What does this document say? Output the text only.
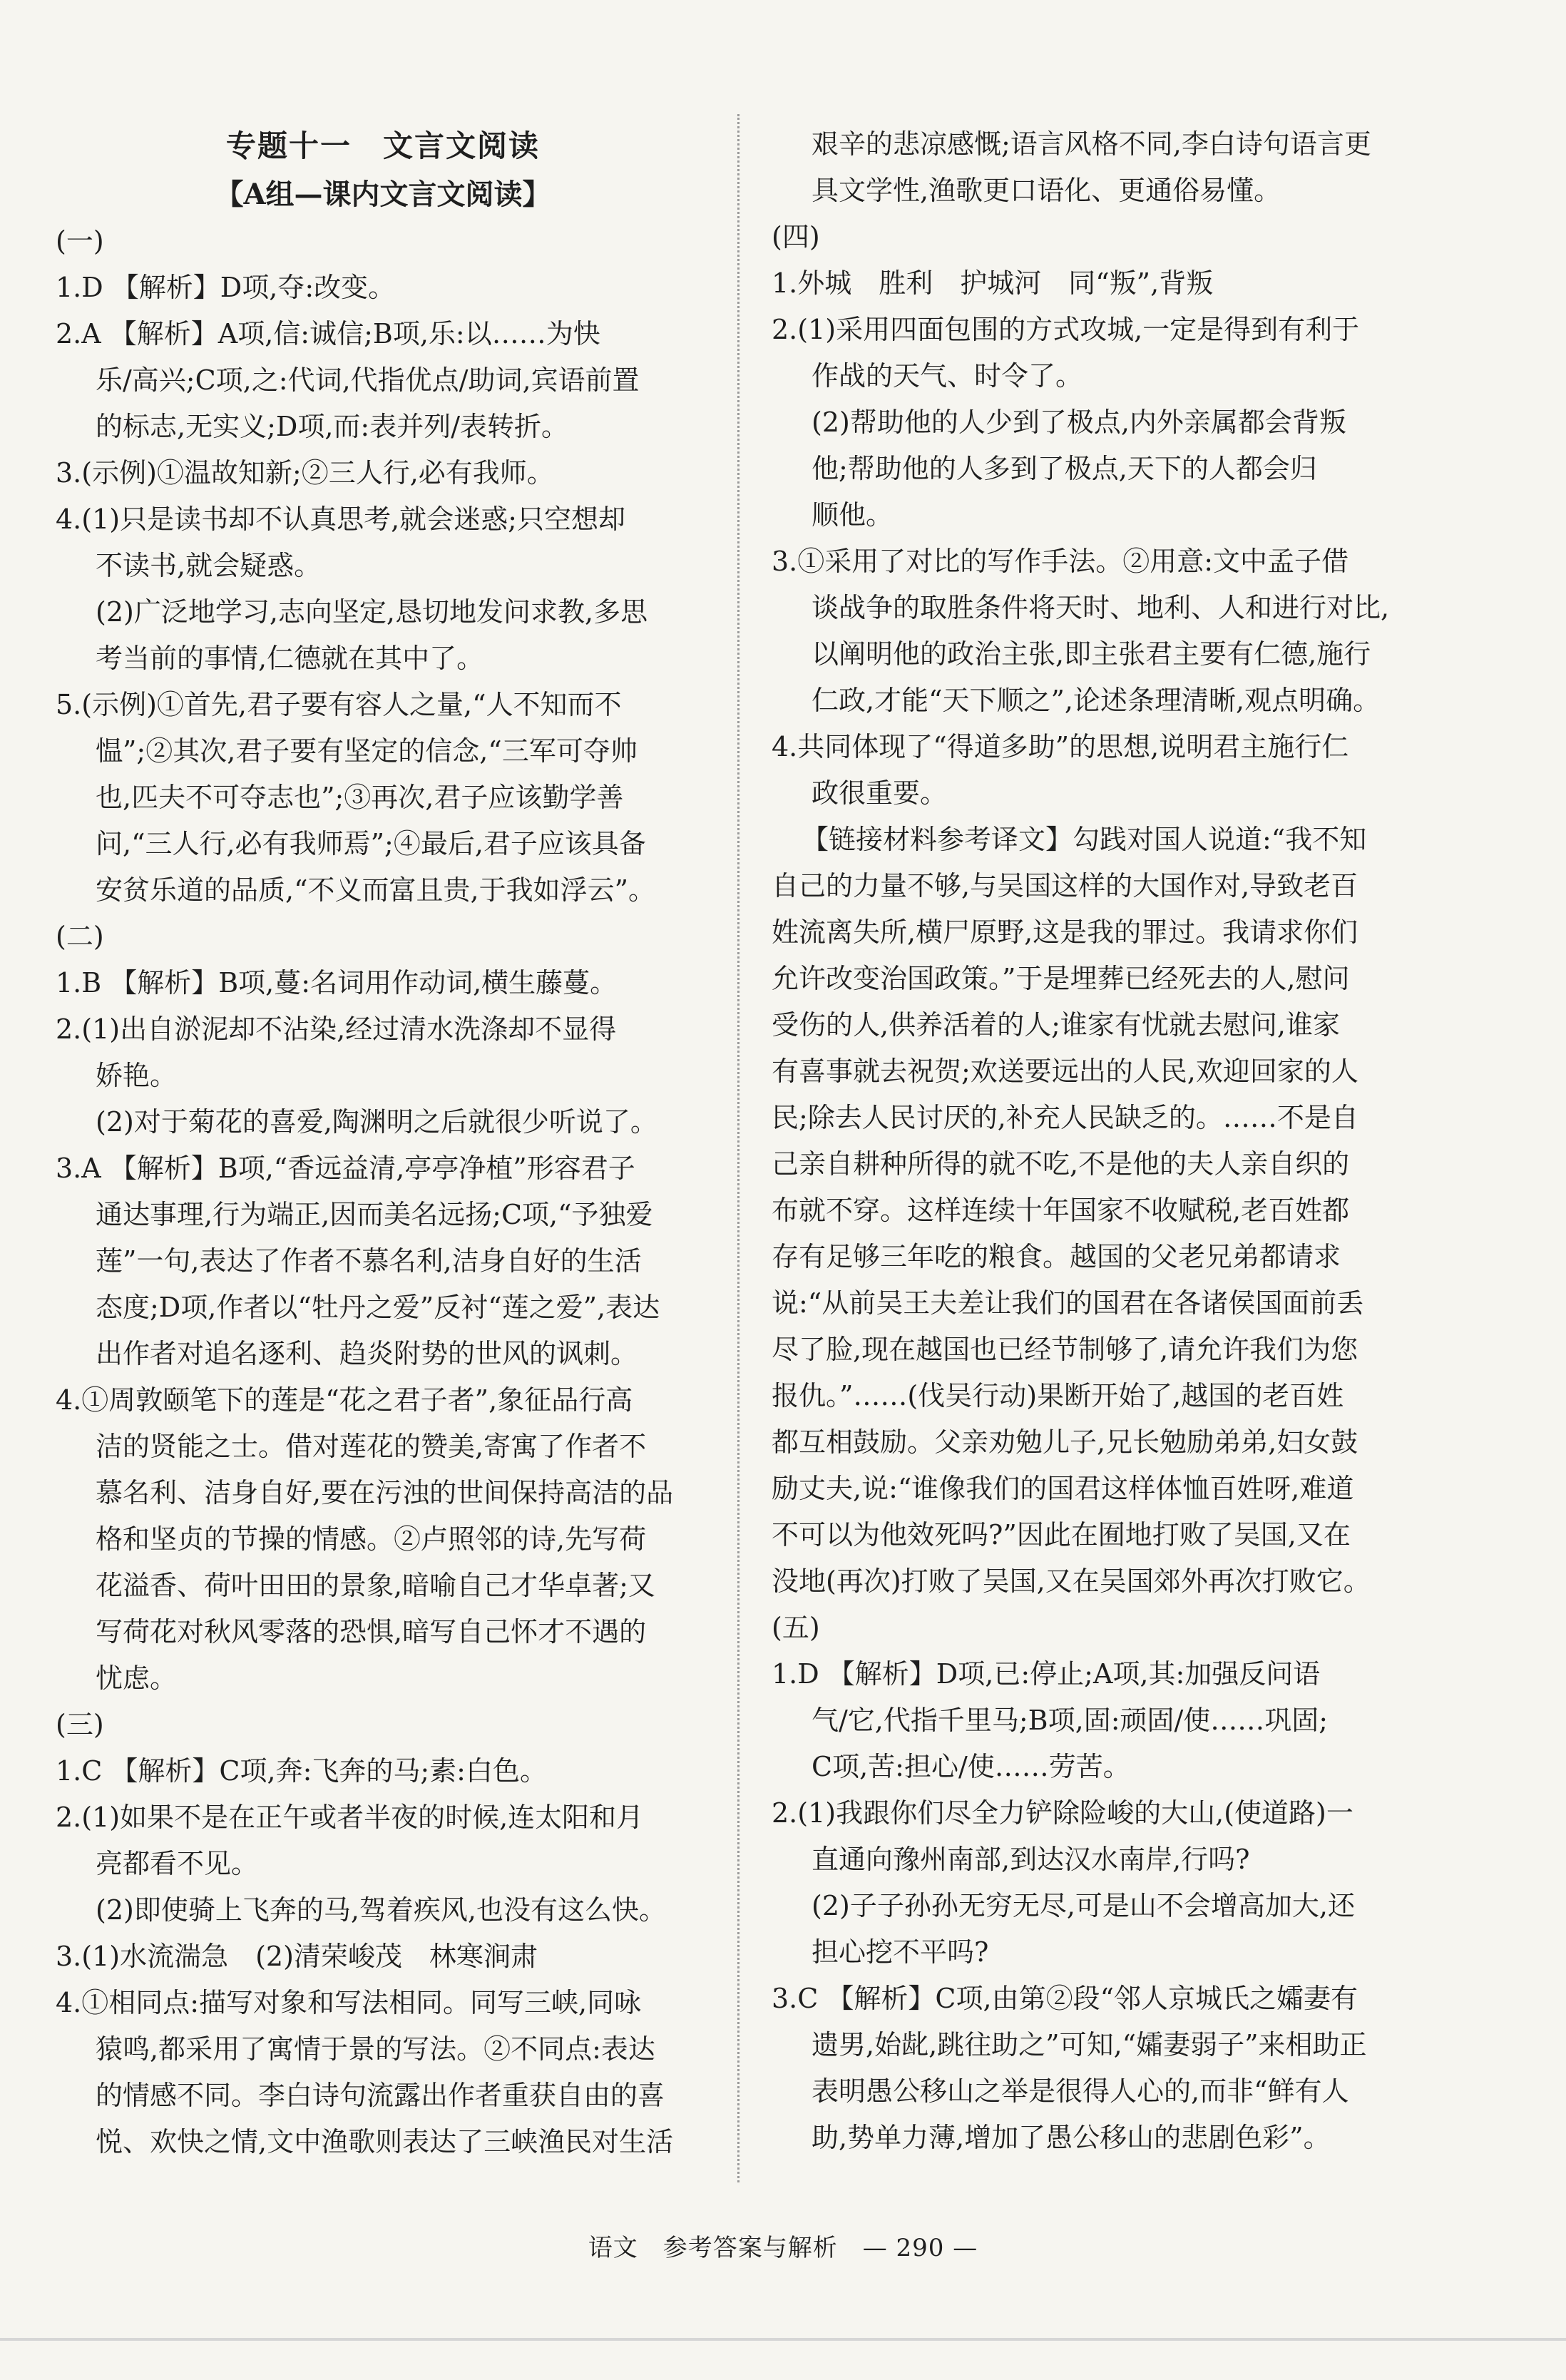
专题十一　文言文阅读
【A组—课内文言文阅读】
(一)
1.D 【解析】D项,夺:改变。
2.A 【解析】A项,信:诚信;B项,乐:以……为快
乐/高兴;C项,之:代词,代指优点/助词,宾语前置
的标志,无实义;D项,而:表并列/表转折。
3.(示例)①温故知新;②三人行,必有我师。
4.(1)只是读书却不认真思考,就会迷惑;只空想却
不读书,就会疑惑。
(2)广泛地学习,志向坚定,恳切地发问求教,多思
考当前的事情,仁德就在其中了。
5.(示例)①首先,君子要有容人之量,“人不知而不
愠”;②其次,君子要有坚定的信念,“三军可夺帅
也,匹夫不可夺志也”;③再次,君子应该勤学善
问,“三人行,必有我师焉”;④最后,君子应该具备
安贫乐道的品质,“不义而富且贵,于我如浮云”。
(二)
1.B 【解析】B项,蔓:名词用作动词,横生藤蔓。
2.(1)出自淤泥却不沾染,经过清水洗涤却不显得
娇艳。
(2)对于菊花的喜爱,陶渊明之后就很少听说了。
3.A 【解析】B项,“香远益清,亭亭净植”形容君子
通达事理,行为端正,因而美名远扬;C项,“予独爱
莲”一句,表达了作者不慕名利,洁身自好的生活
态度;D项,作者以“牡丹之爱”反衬“莲之爱”,表达
出作者对追名逐利、趋炎附势的世风的讽刺。
4.①周敦颐笔下的莲是“花之君子者”,象征品行高
洁的贤能之士。借对莲花的赞美,寄寓了作者不
慕名利、洁身自好,要在污浊的世间保持高洁的品
格和坚贞的节操的情感。②卢照邻的诗,先写荷
花溢香、荷叶田田的景象,暗喻自己才华卓著;又
写荷花对秋风零落的恐惧,暗写自己怀才不遇的
忧虑。
(三)
1.C 【解析】C项,奔:飞奔的马;素:白色。
2.(1)如果不是在正午或者半夜的时候,连太阳和月
亮都看不见。
(2)即使骑上飞奔的马,驾着疾风,也没有这么快。
3.(1)水流湍急　(2)清荣峻茂　林寒涧肃
4.①相同点:描写对象和写法相同。同写三峡,同咏
猿鸣,都采用了寓情于景的写法。②不同点:表达
的情感不同。李白诗句流露出作者重获自由的喜
悦、欢快之情,文中渔歌则表达了三峡渔民对生活
艰辛的悲凉感慨;语言风格不同,李白诗句语言更
具文学性,渔歌更口语化、更通俗易懂。
(四)
1.外城　胜利　护城河　同“叛”,背叛
2.(1)采用四面包围的方式攻城,一定是得到有利于
作战的天气、时令了。
(2)帮助他的人少到了极点,内外亲属都会背叛
他;帮助他的人多到了极点,天下的人都会归
顺他。
3.①采用了对比的写作手法。②用意:文中孟子借
谈战争的取胜条件将天时、地利、人和进行对比,
以阐明他的政治主张,即主张君主要有仁德,施行
仁政,才能“天下顺之”,论述条理清晰,观点明确。
4.共同体现了“得道多助”的思想,说明君主施行仁
政很重要。
【链接材料参考译文】勾践对国人说道:“我不知
自己的力量不够,与吴国这样的大国作对,导致老百
姓流离失所,横尸原野,这是我的罪过。我请求你们
允许改变治国政策。”于是埋葬已经死去的人,慰问
受伤的人,供养活着的人;谁家有忧就去慰问,谁家
有喜事就去祝贺;欢送要远出的人民,欢迎回家的人
民;除去人民讨厌的,补充人民缺乏的。……不是自
己亲自耕种所得的就不吃,不是他的夫人亲自织的
布就不穿。这样连续十年国家不收赋税,老百姓都
存有足够三年吃的粮食。越国的父老兄弟都请求
说:“从前吴王夫差让我们的国君在各诸侯国面前丢
尽了脸,现在越国也已经节制够了,请允许我们为您
报仇。”……(伐吴行动)果断开始了,越国的老百姓
都互相鼓励。父亲劝勉儿子,兄长勉励弟弟,妇女鼓
励丈夫,说:“谁像我们的国君这样体恤百姓呀,难道
不可以为他效死吗?”因此在囿地打败了吴国,又在
没地(再次)打败了吴国,又在吴国郊外再次打败它。
(五)
1.D 【解析】D项,已:停止;A项,其:加强反问语
气/它,代指千里马;B项,固:顽固/使……巩固;
C项,苦:担心/使……劳苦。
2.(1)我跟你们尽全力铲除险峻的大山,(使道路)一
直通向豫州南部,到达汉水南岸,行吗?
(2)子子孙孙无穷无尽,可是山不会增高加大,还
担心挖不平吗?
3.C 【解析】C项,由第②段“邻人京城氏之孀妻有
遗男,始龀,跳往助之”可知,“孀妻弱子”来相助正
表明愚公移山之举是很得人心的,而非“鲜有人
助,势单力薄,增加了愚公移山的悲剧色彩”。
语文　参考答案与解析　— 290 —
